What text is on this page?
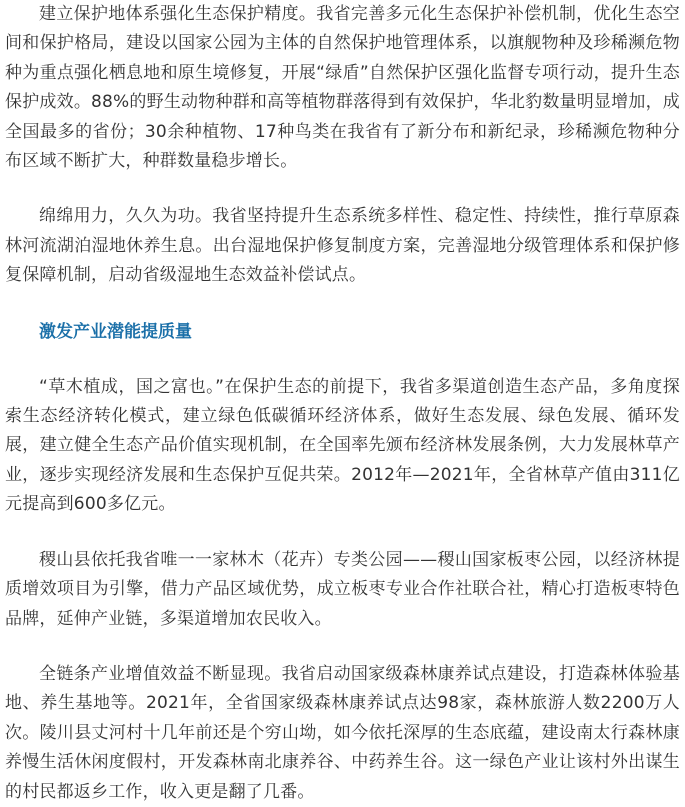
建立保护地体系强化生态保护精度。我省完善多元化生态保护补偿机制，优化生态空间和保护格局，建设以国家公园为主体的自然保护地管理体系，以旗舰物种及珍稀濒危物种为重点强化栖息地和原生境修复，开展“绿盾”自然保护区强化监督专项行动，提升生态保护成效。88%的野生动物种群和高等植物群落得到有效保护，华北豹数量明显增加，成全国最多的省份；30余种植物、17种鸟类在我省有了新分布和新纪录，珍稀濒危物种分布区域不断扩大，种群数量稳步增长。

绵绵用力，久久为功。我省坚持提升生态系统多样性、稳定性、持续性，推行草原森林河流湖泊湿地休养生息。出台湿地保护修复制度方案，完善湿地分级管理体系和保护修复保障机制，启动省级湿地生态效益补偿试点。

激发产业潜能提质量

“草木植成，国之富也。”在保护生态的前提下，我省多渠道创造生态产品，多角度探索生态经济转化模式，建立绿色低碳循环经济体系，做好生态发展、绿色发展、循环发展，建立健全生态产品价值实现机制，在全国率先颁布经济林发展条例，大力发展林草产业，逐步实现经济发展和生态保护互促共荣。2012年—2021年，全省林草产值由311亿元提高到600多亿元。

稷山县依托我省唯一一家林木（花卉）专类公园——稷山国家板枣公园，以经济林提质增效项目为引擎，借力产品区域优势，成立板枣专业合作社联合社，精心打造板枣特色品牌，延伸产业链，多渠道增加农民收入。

全链条产业增值效益不断显现。我省启动国家级森林康养试点建设，打造森林体验基地、养生基地等。2021年，全省国家级森林康养试点达98家，森林旅游人数2200万人次。陵川县丈河村十几年前还是个穷山坳，如今依托深厚的生态底蕴，建设南太行森林康养慢生活休闲度假村，开发森林南北康养谷、中药养生谷。这一绿色产业让该村外出谋生的村民都返乡工作，收入更是翻了几番。
